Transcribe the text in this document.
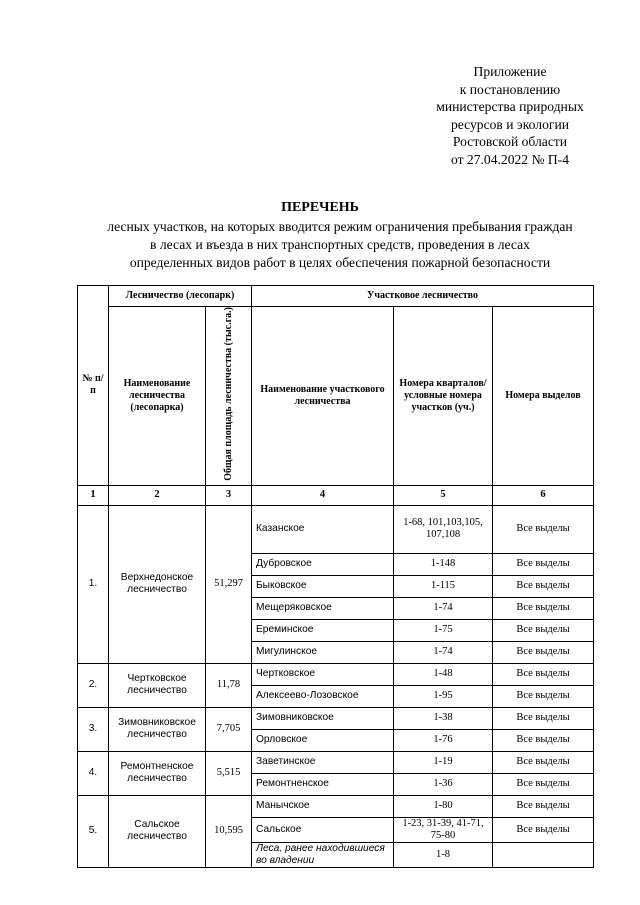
Приложение
к постановлению
министерства природных
ресурсов и экологии
Ростовской области
от 27.04.2022 № П-4
ПЕРЕЧЕНЬ
лесных участков, на которых вводится режим ограничения пребывания граждан
в лесах и въезда в них транспортных средств, проведения в лесах
определенных видов работ в целях обеспечения пожарной безопасности
№ п/п	Лесничество (лесопарк)		Участковое лесничество		
	Наименование лесничества (лесопарка)	Общая площадь лесничества (тыс.га.)	Наименование участкового лесничества	Номера кварталов/ условные номера участков (уч.)	Номера выделов
1	2	3	4	5	6
1.	Верхнедонское лесничество	51,297	Казанское	1-68, 101,103,105, 107,108	Все выделы
			Дубровское	1-148	Все выделы
			Быковское	1-115	Все выделы
			Мещеряковское	1-74	Все выделы
			Ереминское	1-75	Все выделы
			Мигулинское	1-74	Все выделы
2.	Чертковское лесничество	11,78	Чертковское	1-48	Все выделы
			Алексеево-Лозовское	1-95	Все выделы
3.	Зимовниковское лесничество	7,705	Зимовниковское	1-38	Все выделы
			Орловское	1-76	Все выделы
4.	Ремонтненское лесничество	5,515	Заветинское	1-19	Все выделы
			Ремонтненское	1-36	Все выделы
5.	Сальское лесничество	10,595	Манычское	1-80	Все выделы
			Сальское	1-23, 31-39, 41-71, 75-80	Все выделы
			Леса, ранее находившиеся во владении	1-8	
